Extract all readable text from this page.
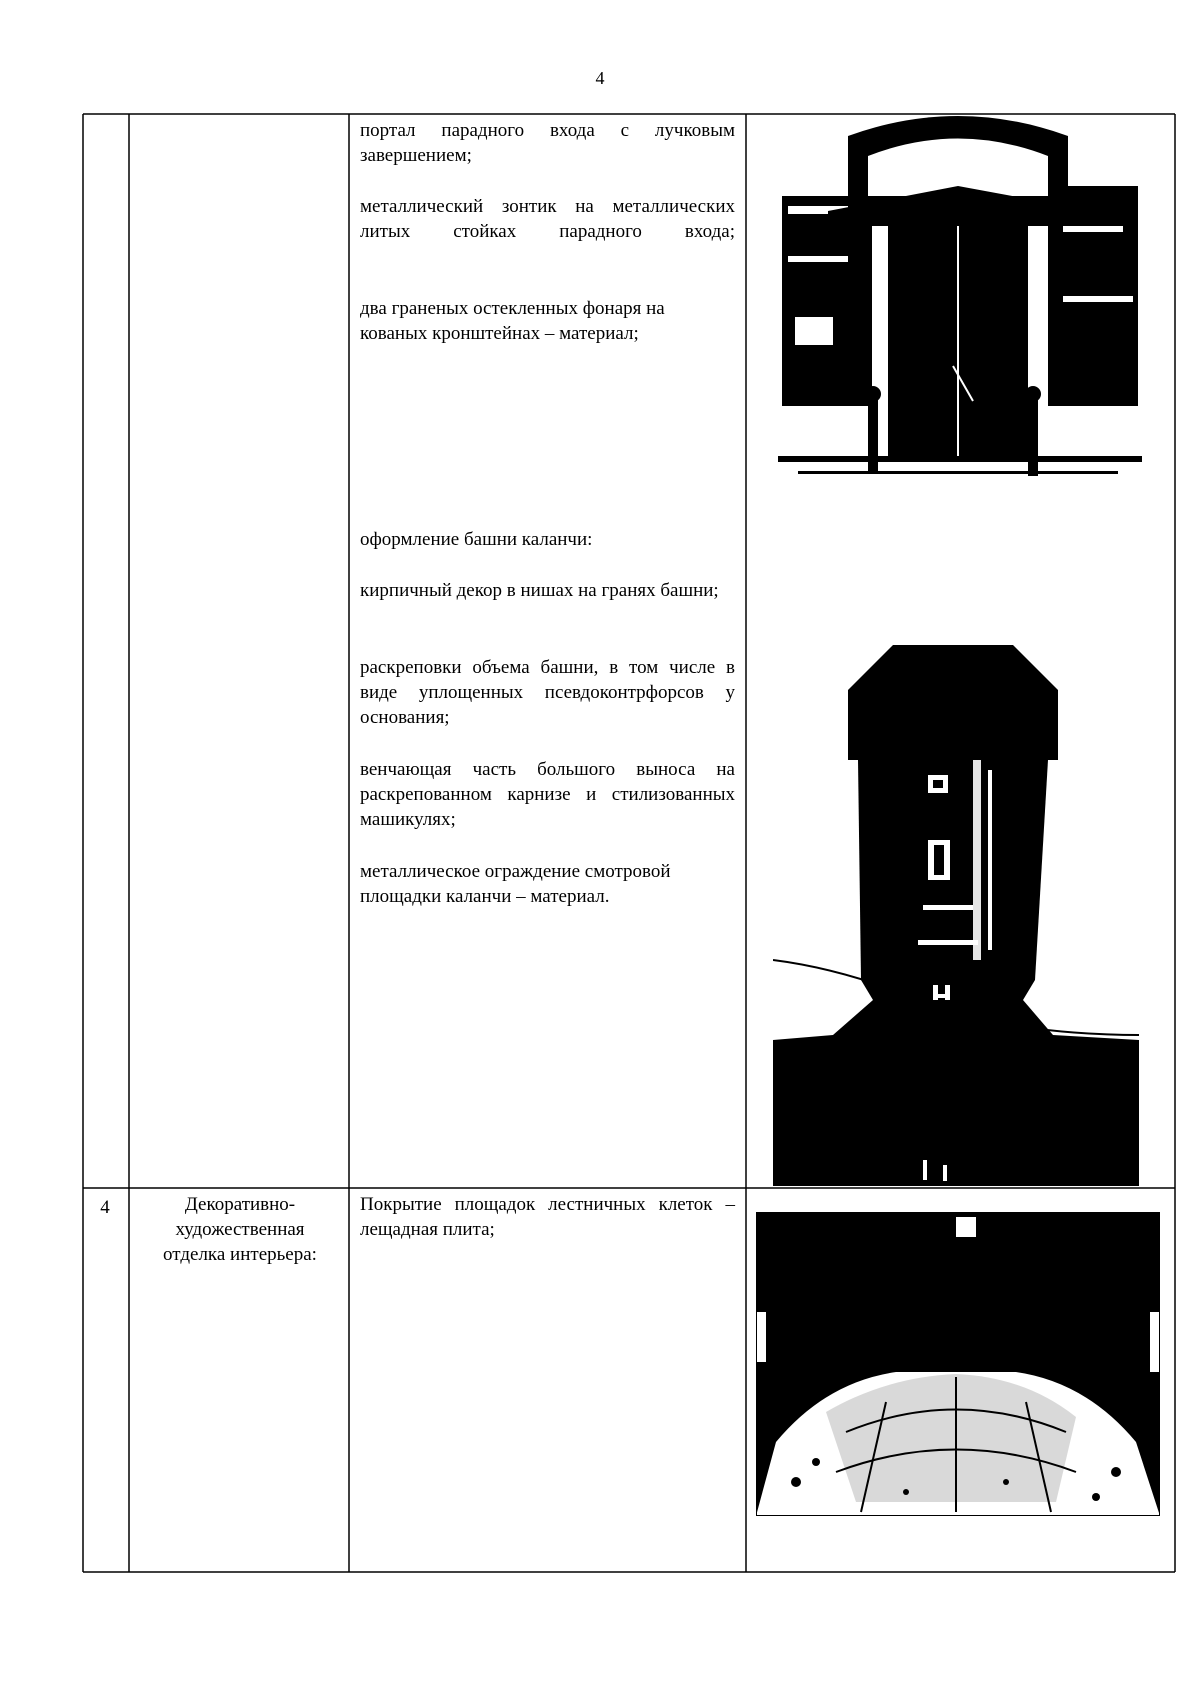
4

портал парадного входа с лучковым завершением;

металлический зонтик на металлических литых стойках парадного входа;

два граненых остекленных фонаря на кованых кронштейнах – материал;

оформление башни каланчи:

кирпичный декор в нишах на гранях башни;

раскреповки объема башни, в том числе в виде уплощенных псевдоконтрфорсов у основания;

венчающая часть большого выноса на раскрепованном карнизе и стилизованных машикулях;

металлическое ограждение смотровой площадки каланчи – материал.

4	Декоративно-художественная отделка интерьера:

Покрытие площадок лестничных клеток – лещадная плита;
